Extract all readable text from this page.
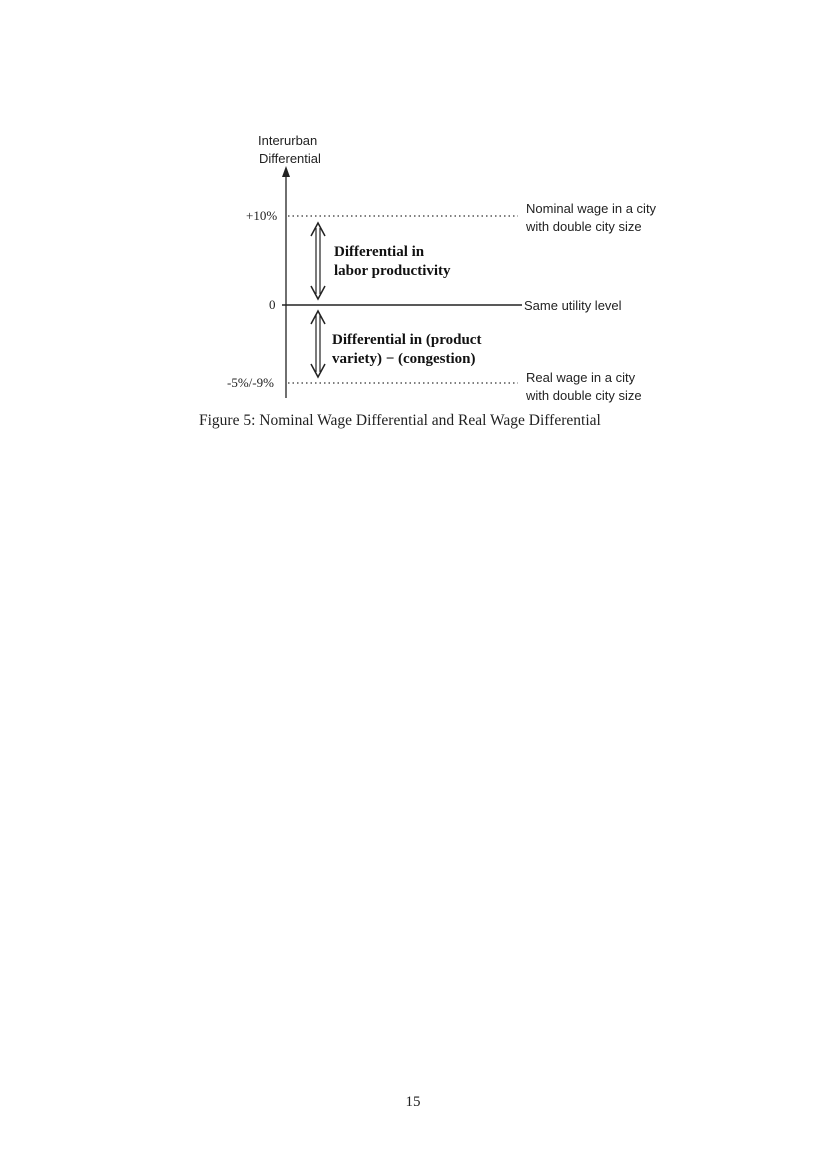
Interurban
Differential
+10%
0
-5%/-9%
Nominal wage in a city
with double city size
Same utility level
Real wage in a city
with double city size
Differential in
labor productivity
Differential in (product
variety) − (congestion)
Figure 5: Nominal Wage Differential and Real Wage Differential
15
